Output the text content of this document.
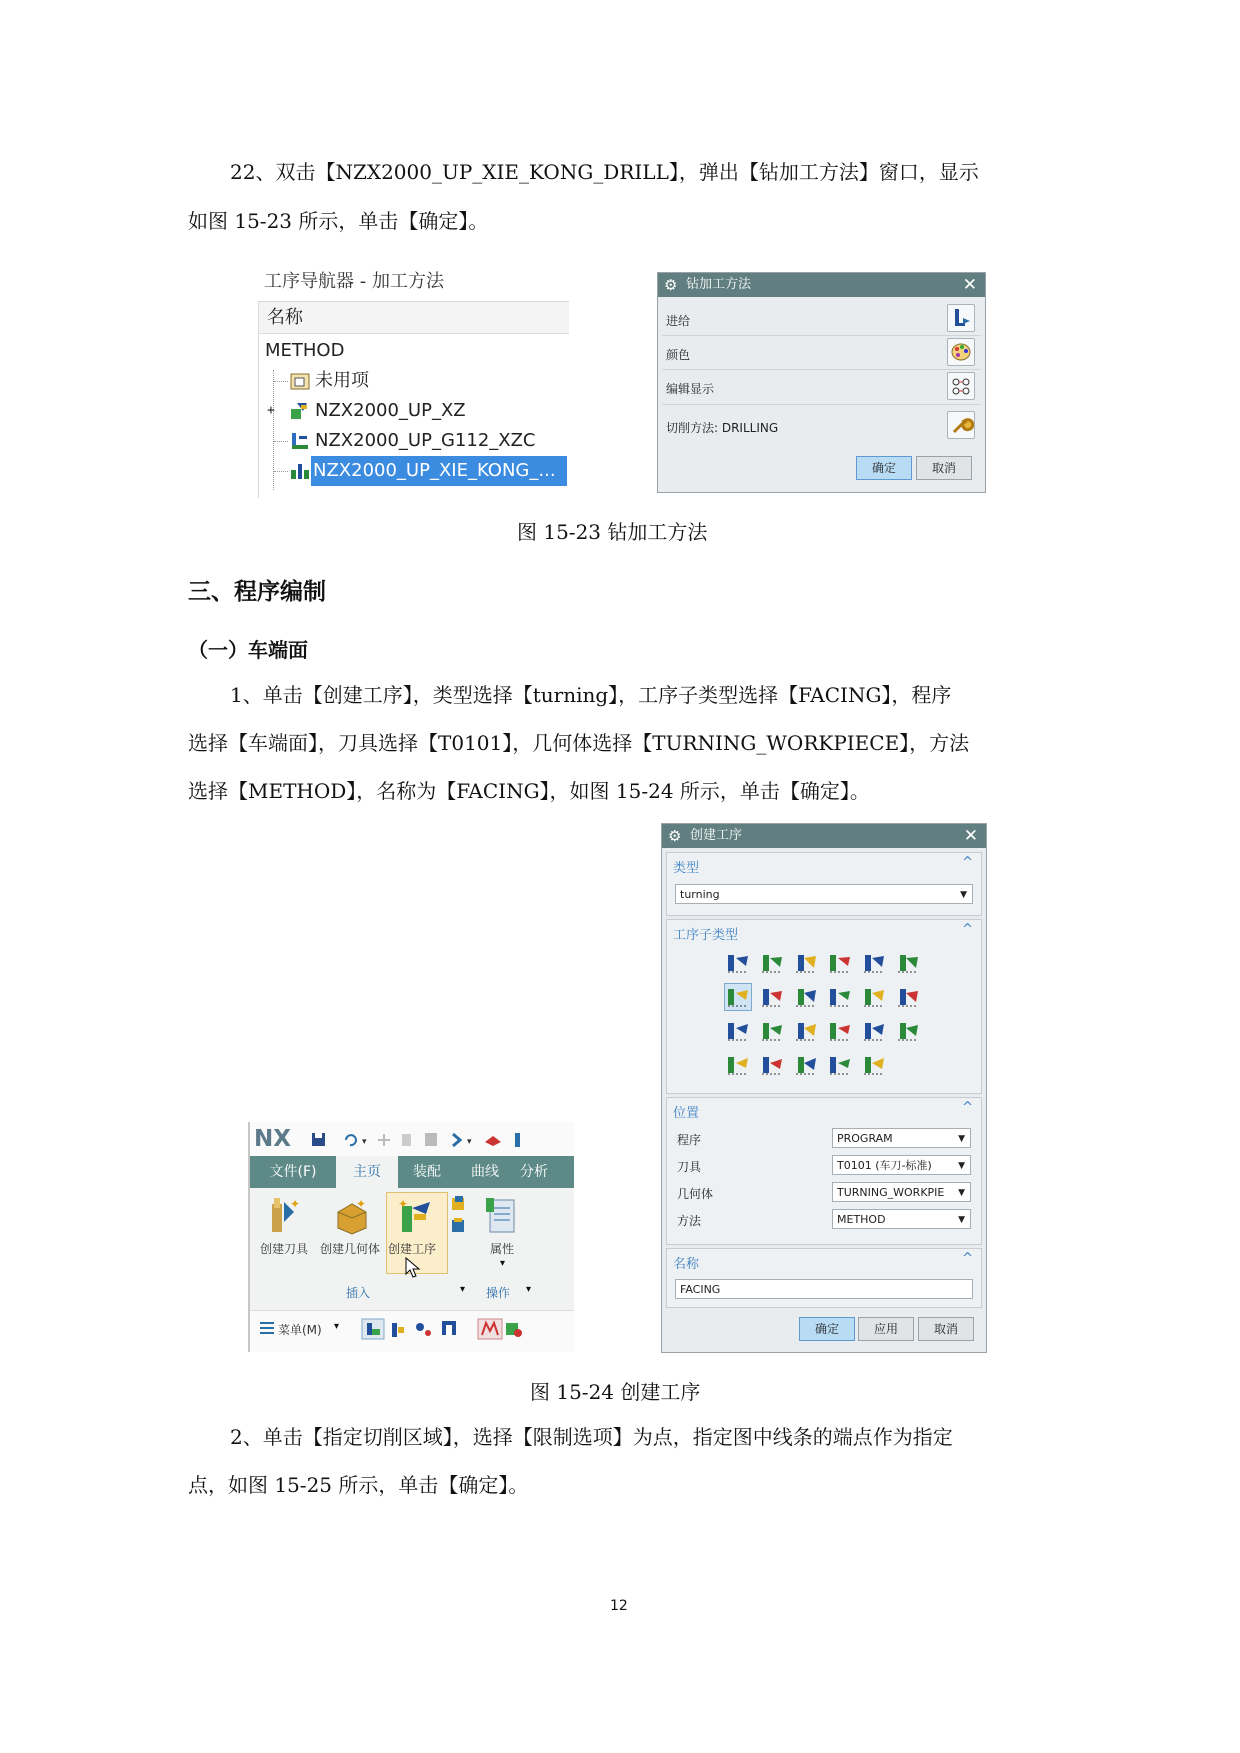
22、双击【NZX2000_UP_XIE_KONG_DRILL】，弹出【钻加工方法】窗口，显示
如图 15-23 所示，单击【确定】。
工序导航器 - 加工方法
名称
METHOD
未用项
+ NZX2000_UP_XZ
NZX2000_UP_G112_XZC
NZX2000_UP_XIE_KONG_...
⚙ 钻加工方法	✕
进给
颜色
编辑显示
切削方法: DRILLING
确定	取消
图 15-23 钻加工方法
三、程序编制
（一）车端面
1、单击【创建工序】，类型选择【turning】，工序子类型选择【FACING】，程序
选择【车端面】，刀具选择【T0101】，几何体选择【TURNING_WORKPIECE】，方法
选择【METHOD】，名称为【FACING】，如图 15-24 所示，单击【确定】。
NX	▾	▾
文件(F)	主页	装配	曲线	分析
✦
创建刀具
✦
创建几何体
✦
创建工序	属性
▾
插入	▾ 操作 ▾
菜单(M) ▾
⚙ 创建工序	✕
类型	^
turning	▼
工序子类型	^
位置	^
程序	PROGRAM	▼
刀具	T0101 (车刀-标准)	▼
几何体	TURNING_WORKPIE ▼
方法	METHOD	▼
名称	^
FACING
确定	应用	取消
图 15-24 创建工序
2、单击【指定切削区域】，选择【限制选项】为点，指定图中线条的端点作为指定
点，如图 15-25 所示，单击【确定】。
12
